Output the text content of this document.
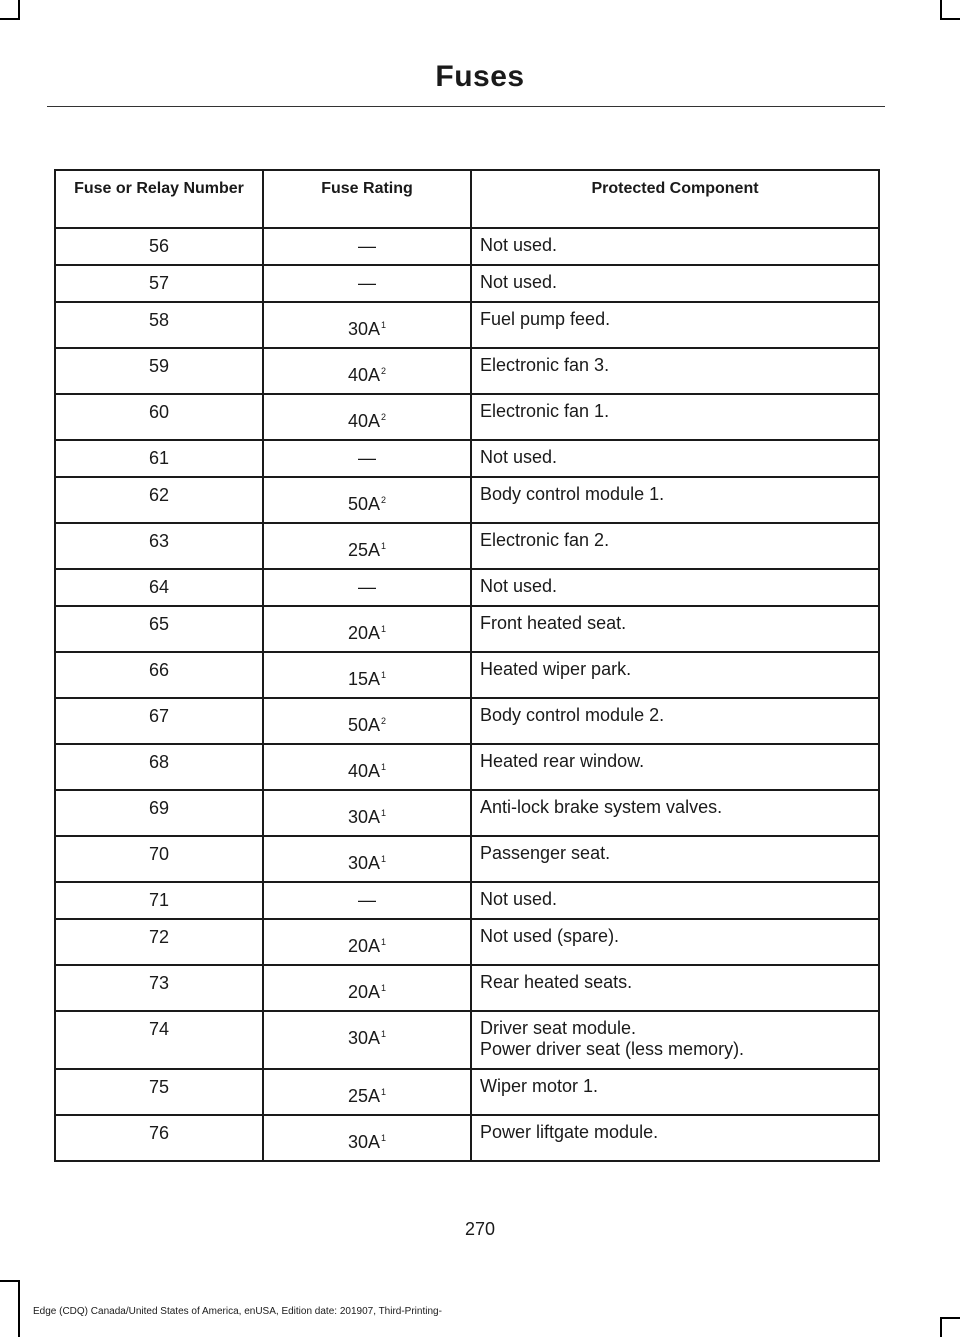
Fuses
Fuse or Relay Number	Fuse Rating	Protected Component
56	—	Not used.

57	—	Not used.

58	$30A^1$	Fuel pump feed.

59	$40A^2$	Electronic fan 3.

60	$40A^2$	Electronic fan 1.

61	—	Not used.

62	$50A^2$	Body control module 1.

63	$25A^1$	Electronic fan 2.

64	—	Not used.

65	$20A^1$	Front heated seat.

66	$15A^1$	Heated wiper park.

67	$50A^2$	Body control module 2.

68	$40A^1$	Heated rear window.

69	$30A^1$	Anti-lock brake system valves.

70	$30A^1$	Passenger seat.

71	—	Not used.

72	$20A^1$	Not used (spare).

73	$20A^1$	Rear heated seats.

74	$30A^1$	Driver seat module.
Power driver seat (less memory).

75	$25A^1$	Wiper motor 1.

76	$30A^1$	Power liftgate module.
270
Edge (CDQ) Canada/United States of America, enUSA, Edition date: 201907, Third-Printing-
